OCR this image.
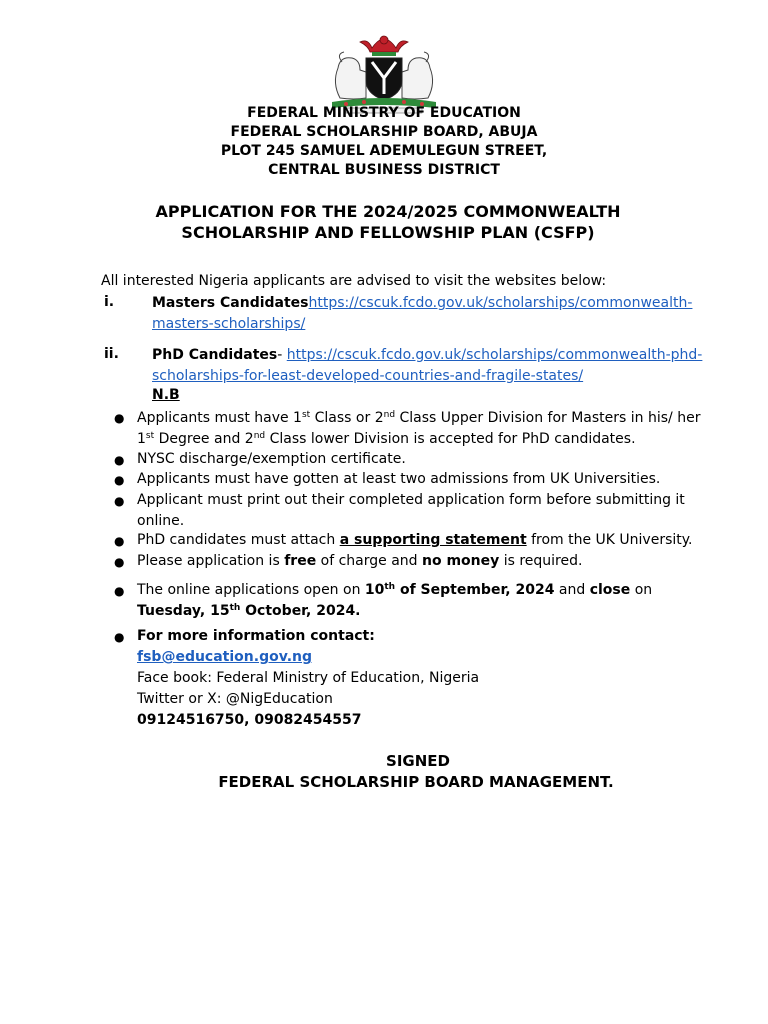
FEDERAL MINISTRY OF EDUCATION
FEDERAL SCHOLARSHIP BOARD, ABUJA
PLOT 245 SAMUEL ADEMULEGUN STREET,
CENTRAL BUSINESS DISTRICT
APPLICATION FOR THE 2024/2025 COMMONWEALTH
SCHOLARSHIP AND FELLOWSHIP PLAN (CSFP)
All interested Nigeria applicants are advised to visit the websites below:
i.	Masters Candidateshttps://cscuk.fcdo.gov.uk/scholarships/commonwealth-
masters-scholarships/
ii. PhD Candidates- https://cscuk.fcdo.gov.uk/scholarships/commonwealth-phd-
scholarships-for-least-developed-countries-and-fragile-states/
N.B
● Applicants must have 1st Class or 2nd Class Upper Division for Masters in his/ her
1st Degree and 2nd Class lower Division is accepted for PhD candidates.
● NYSC discharge/exemption certificate.
● Applicants must have gotten at least two admissions from UK Universities.
● Applicant must print out their completed application form before submitting it
online.
● PhD candidates must attach a supporting statement from the UK University.
● Please application is free of charge and no money is required.
● The online applications open on 10th of September, 2024 and close on
Tuesday, 15th October, 2024.
● For more information contact:
fsb@education.gov.ng
Face book: Federal Ministry of Education, Nigeria
Twitter or X: @NigEducation
09124516750, 09082454557
SIGNED
FEDERAL SCHOLARSHIP BOARD MANAGEMENT.
